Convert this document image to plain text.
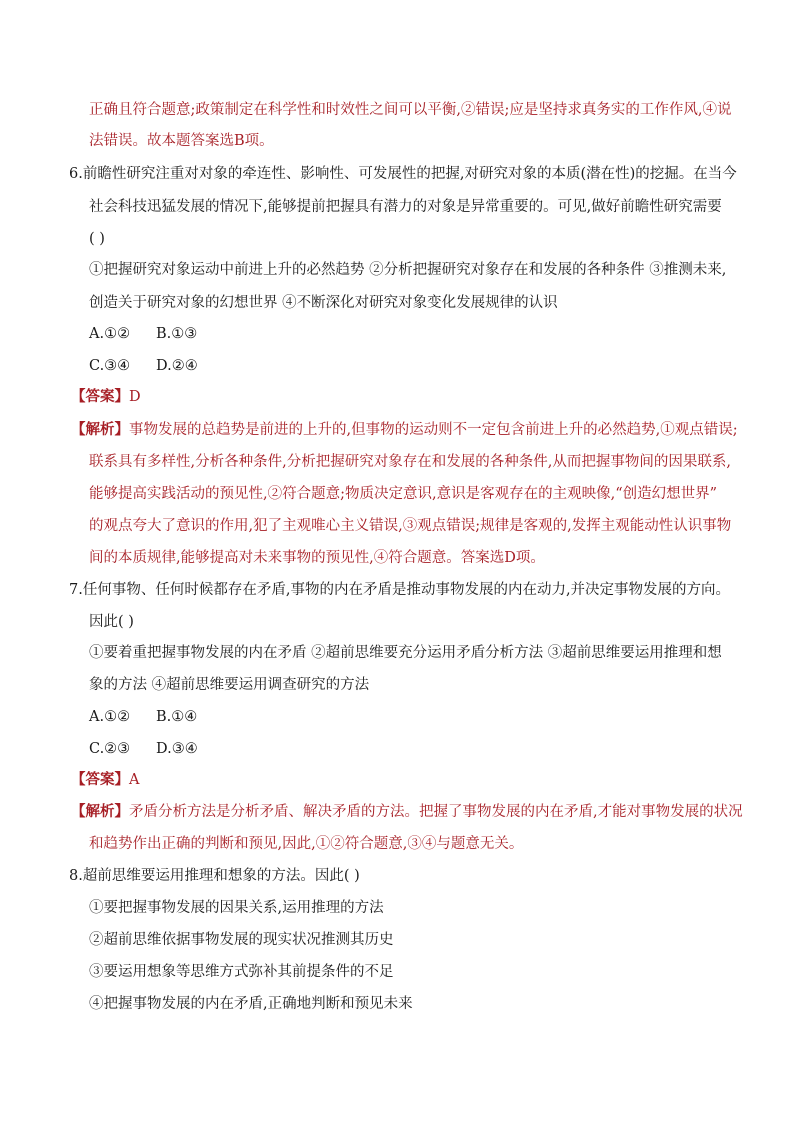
正确且符合题意;政策制定在科学性和时效性之间可以平衡,②错误;应是坚持求真务实的工作作风,④说
法错误。故本题答案选B项。
6.前瞻性研究注重对对象的牵连性、影响性、可发展性的把握,对研究对象的本质(潜在性)的挖掘。在当今
社会科技迅猛发展的情况下,能够提前把握具有潜力的对象是异常重要的。可见,做好前瞻性研究需要
( )
①把握研究对象运动中前进上升的必然趋势 ②分析把握研究对象存在和发展的各种条件 ③推测未来,
创造关于研究对象的幻想世界 ④不断深化对研究对象变化发展规律的认识
A.①② B.①③
C.③④ D.②④
【答案】D
【解析】事物发展的总趋势是前进的上升的,但事物的运动则不一定包含前进上升的必然趋势,①观点错误;
联系具有多样性,分析各种条件,分析把握研究对象存在和发展的各种条件,从而把握事物间的因果联系,
能够提高实践活动的预见性,②符合题意;物质决定意识,意识是客观存在的主观映像,“创造幻想世界”
的观点夸大了意识的作用,犯了主观唯心主义错误,③观点错误;规律是客观的,发挥主观能动性认识事物
间的本质规律,能够提高对未来事物的预见性,④符合题意。答案选D项。
7.任何事物、任何时候都存在矛盾,事物的内在矛盾是推动事物发展的内在动力,并决定事物发展的方向。
因此( )
①要着重把握事物发展的内在矛盾 ②超前思维要充分运用矛盾分析方法 ③超前思维要运用推理和想
象的方法 ④超前思维要运用调查研究的方法
A.①② B.①④
C.②③ D.③④
【答案】A
【解析】矛盾分析方法是分析矛盾、解决矛盾的方法。把握了事物发展的内在矛盾,才能对事物发展的状况
和趋势作出正确的判断和预见,因此,①②符合题意,③④与题意无关。
8.超前思维要运用推理和想象的方法。因此( )
①要把握事物发展的因果关系,运用推理的方法
②超前思维依据事物发展的现实状况推测其历史
③要运用想象等思维方式弥补其前提条件的不足
④把握事物发展的内在矛盾,正确地判断和预见未来
